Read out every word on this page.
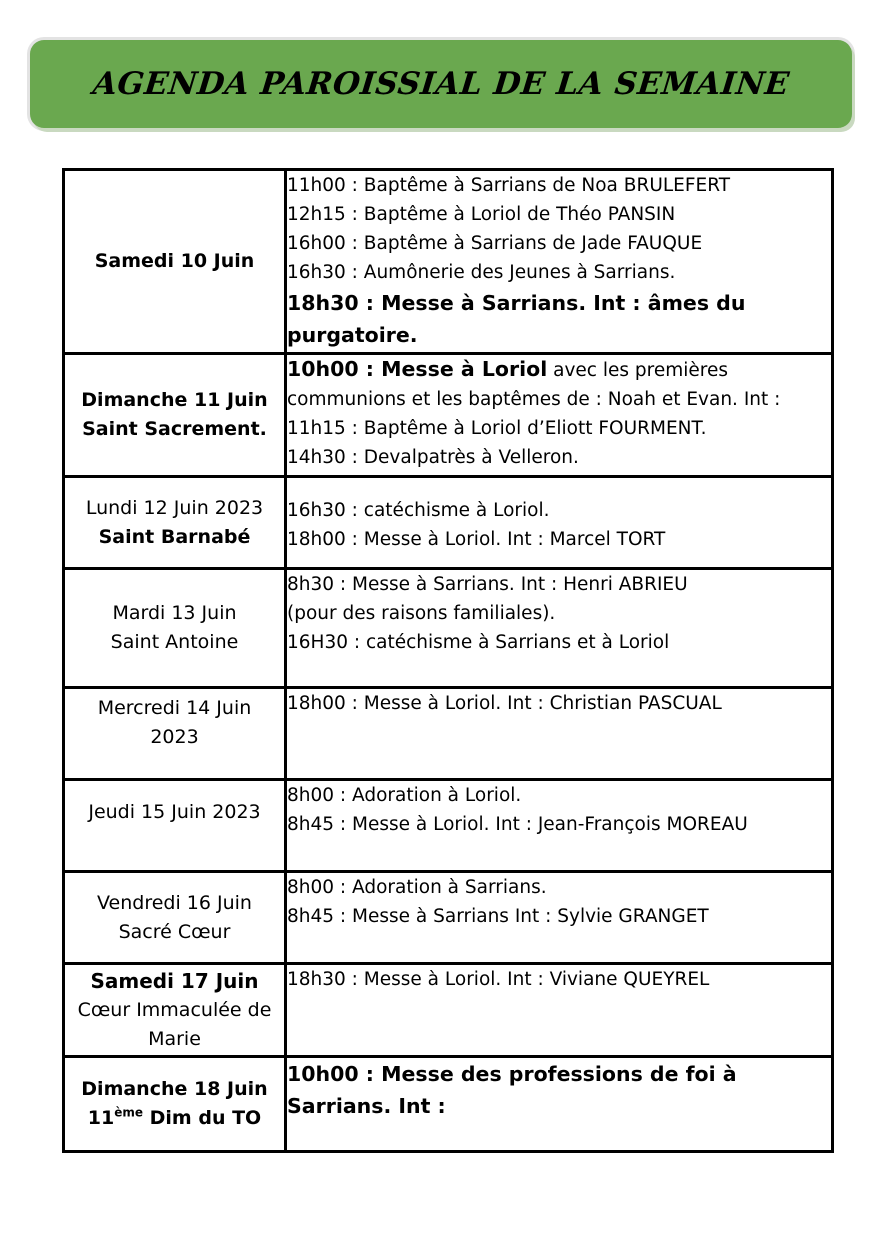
AGENDA PAROISSIAL DE LA SEMAINE
Samedi 10 Juin	11h00 : Baptême à Sarrians de Noa BRULEFERT
12h15 : Baptême à Loriol de Théo PANSIN
16h00 : Baptême à Sarrians de Jade FAUQUE
16h30 : Aumônerie des Jeunes à Sarrians.
18h30 : Messe à Sarrians. Int : âmes du purgatoire.

Dimanche 11 Juin
Saint Sacrement.	10h00 : Messe à Loriol avec les premières communions et les baptêmes de : Noah et Evan. Int :
11h15 : Baptême à Loriol d’Eliott FOURMENT.
14h30 : Devalpatrès à Velleron.

Lundi 12 Juin 2023
Saint Barnabé	16h30 : catéchisme à Loriol.
18h00 : Messe à Loriol. Int : Marcel TORT

Mardi 13 Juin
Saint Antoine	8h30 : Messe à Sarrians. Int : Henri ABRIEU
(pour des raisons familiales).
16H30 : catéchisme à Sarrians et à Loriol

Mercredi 14 Juin 2023	18h00 : Messe à Loriol. Int : Christian PASCUAL

Jeudi 15 Juin 2023	8h00 : Adoration à Loriol.
8h45 : Messe à Loriol. Int : Jean-François MOREAU

Vendredi 16 Juin
Sacré Cœur	8h00 : Adoration à Sarrians.
8h45 : Messe à Sarrians Int : Sylvie GRANGET

Samedi 17 Juin
Cœur Immaculée de Marie	18h30 : Messe à Loriol. Int : Viviane QUEYREL

Dimanche 18 Juin
11ème Dim du TO	10h00 : Messe des professions de foi à Sarrians. Int :
